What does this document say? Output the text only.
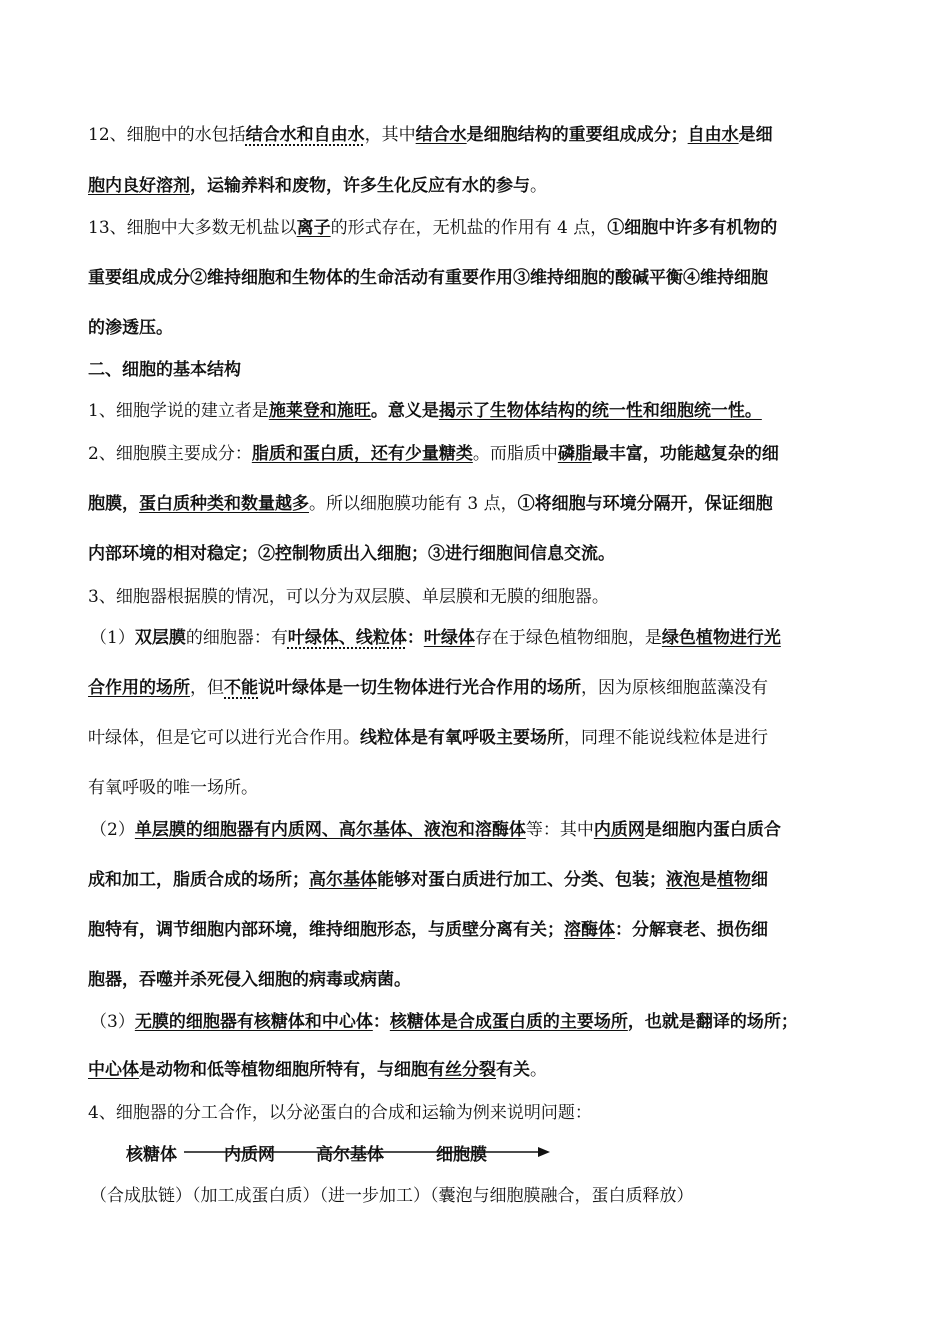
12、细胞中的水包括结合水和自由水，其中结合水是细胞结构的重要组成成分；自由水是细
胞内良好溶剂，运输养料和废物，许多生化反应有水的参与。
13、细胞中大多数无机盐以离子的形式存在，无机盐的作用有 4 点，①细胞中许多有机物的
重要组成成分②维持细胞和生物体的生命活动有重要作用③维持细胞的酸碱平衡④维持细胞
的渗透压。
二、细胞的基本结构
1、细胞学说的建立者是施莱登和施旺。意义是揭示了生物体结构的统一性和细胞统一性。
2、细胞膜主要成分：脂质和蛋白质，还有少量糖类。而脂质中磷脂最丰富，功能越复杂的细
胞膜，蛋白质种类和数量越多。所以细胞膜功能有 3 点，①将细胞与环境分隔开，保证细胞
内部环境的相对稳定；②控制物质出入细胞；③进行细胞间信息交流。
3、细胞器根据膜的情况，可以分为双层膜、单层膜和无膜的细胞器。
（1）双层膜的细胞器：有叶绿体、线粒体：叶绿体存在于绿色植物细胞，是绿色植物进行光
合作用的场所，但不能说叶绿体是一切生物体进行光合作用的场所，因为原核细胞蓝藻没有
叶绿体，但是它可以进行光合作用。线粒体是有氧呼吸主要场所，同理不能说线粒体是进行
有氧呼吸的唯一场所。
（2）单层膜的细胞器有内质网、高尔基体、液泡和溶酶体等：其中内质网是细胞内蛋白质合
成和加工，脂质合成的场所；高尔基体能够对蛋白质进行加工、分类、包装；液泡是植物细
胞特有，调节细胞内部环境，维持细胞形态，与质壁分离有关；溶酶体：分解衰老、损伤细
胞器，吞噬并杀死侵入细胞的病毒或病菌。
（3）无膜的细胞器有核糖体和中心体：核糖体是合成蛋白质的主要场所，也就是翻译的场所；
中心体是动物和低等植物细胞所特有，与细胞有丝分裂有关。
4、细胞器的分工合作，以分泌蛋白的合成和运输为例来说明问题：
核糖体	内质网 高尔基体	细胞膜
（合成肽链）（加工成蛋白质）（进一步加工）（囊泡与细胞膜融合，蛋白质释放）
